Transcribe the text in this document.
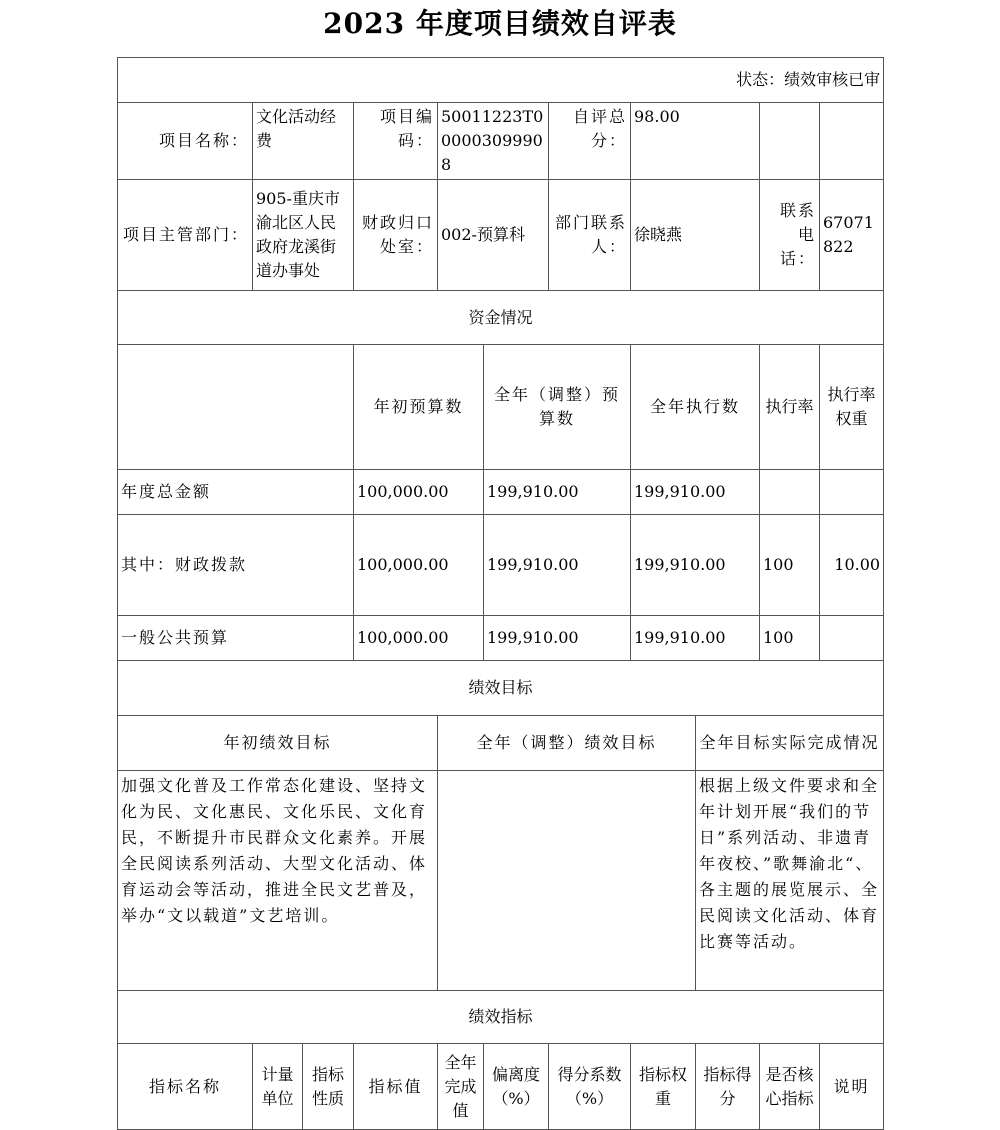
2023 年度项目绩效自评表
状态：绩效审核已审											
项目名称：	文化活动经费		项目编码：	50011223T000003099908		自评总分：	98.00				
项目主管部门：	905-重庆市渝北区人民政府龙溪街道办事处		财政归口处室：	002-预算科		部门联系人：	徐晓燕		联系电话：	67071822	
资金情况											
			年初预算数		全年（调整）预算数		全年执行数		执行率	执行率权重	
年度总金额			100,000.00		199,910.00		199,910.00				
其中：财政拨款			100,000.00		199,910.00		199,910.00		100	10.00	
一般公共预算			100,000.00		199,910.00		199,910.00		100		
绩效目标											
年初绩效目标				全年（调整）绩效目标				全年目标实际完成情况			
加强文化普及工作常态化建设、坚持文化为民、文化惠民、文化乐民、文化育民，不断提升市民群众文化素养。开展全民阅读系列活动、大型文化活动、体育运动会等活动，推进全民文艺普及，举办“文以载道”文艺培训。								根据上级文件要求和全年计划开展“我们的节日”系列活动、非遗青年夜校、”歌舞渝北“、各主题的展览展示、全民阅读文化活动、体育比赛等活动。			
绩效指标											
指标名称	计量单位	指标性质	指标值	全年完成值	偏离度（%）	得分系数（%）	指标权重	指标得分	是否核心指标	说明	
